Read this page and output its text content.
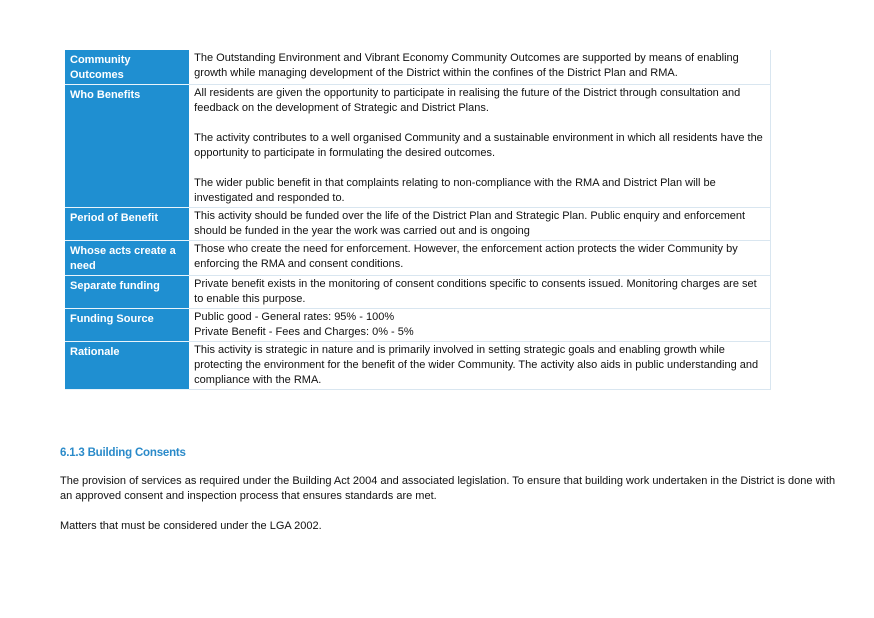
Community Outcomes	The Outstanding Environment and Vibrant Economy Community Outcomes are supported by means of enabling growth while managing development of the District within the confines of the District Plan and RMA.

Who Benefits	All residents are given the opportunity to participate in realising the future of the District through consultation and feedback on the development of Strategic and District Plans.
The activity contributes to a well organised Community and a sustainable environment in which all residents have the opportunity to participate in formulating the desired outcomes.
The wider public benefit in that complaints relating to non-compliance with the RMA and District Plan will be investigated and responded to.

Period of Benefit	This activity should be funded over the life of the District Plan and Strategic Plan. Public enquiry and enforcement should be funded in the year the work was carried out and is ongoing

Whose acts create a need	Those who create the need for enforcement. However, the enforcement action protects the wider Community by enforcing the RMA and consent conditions.

Separate funding	Private benefit exists in the monitoring of consent conditions specific to consents issued. Monitoring charges are set to enable this purpose.

Funding Source	Public good - General rates: 95% - 100%
Private Benefit - Fees and Charges: 0% - 5%

Rationale	This activity is strategic in nature and is primarily involved in setting strategic goals and enabling growth while protecting the environment for the benefit of the wider Community. The activity also aids in public understanding and compliance with the RMA.
6.1.3 Building Consents
The provision of services as required under the Building Act 2004 and associated legislation. To ensure that building work undertaken in the District is done with an approved consent and inspection process that ensures standards are met.
Matters that must be considered under the LGA 2002.
